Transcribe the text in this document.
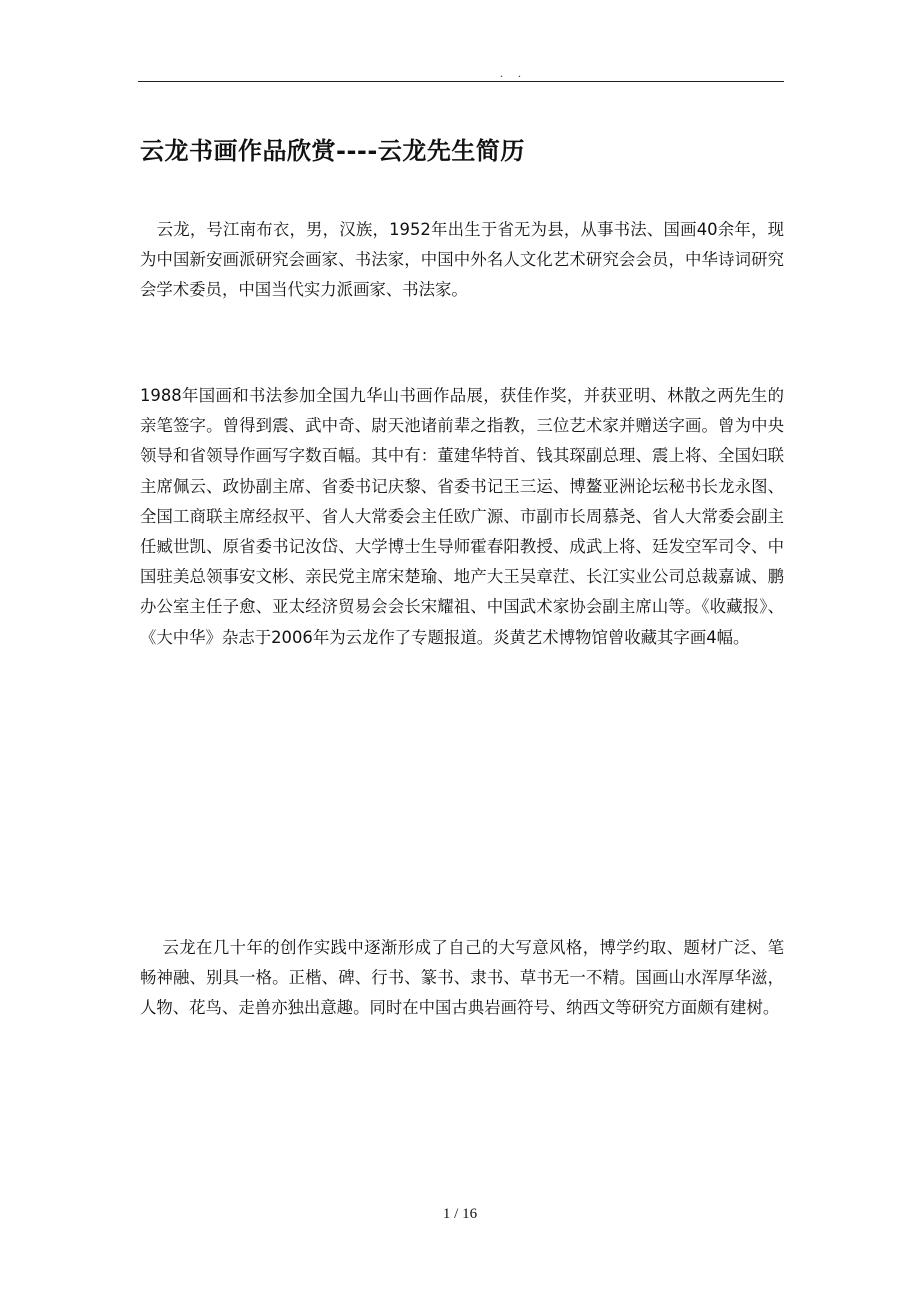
. .
云龙书画作品欣赏----云龙先生简历

　云龙，号江南布衣，男，汉族，1952年出生于省无为县，从事书法、国画40余年，现为中国新安画派研究会画家、书法家，中国中外名人文化艺术研究会会员，中华诗词研究会学术委员，中国当代实力派画家、书法家。

1988年国画和书法参加全国九华山书画作品展，获佳作奖，并获亚明、林散之两先生的亲笔签字。曾得到震、武中奇、尉天池诸前辈之指教，三位艺术家并赠送字画。曾为中央领导和省领导作画写字数百幅。其中有：董建华特首、钱其琛副总理、震上将、全国妇联主席佩云、政协副主席、省委书记庆黎、省委书记王三运、博鳌亚洲论坛秘书长龙永图、全国工商联主席经叔平、省人大常委会主任欧广源、市副市长周慕尧、省人大常委会副主任臧世凯、原省委书记汝岱、大学博士生导师霍春阳教授、成武上将、廷发空军司令、中国驻美总领事安文彬、亲民党主席宋楚瑜、地产大王吴章茳、长江实业公司总裁嘉诚、鹏办公室主任子愈、亚太经济贸易会会长宋耀祖、中国武术家协会副主席山等。《收藏报》、《大中华》杂志于2006年为云龙作了专题报道。炎黄艺术博物馆曾收藏其字画4幅。

　 云龙在几十年的创作实践中逐渐形成了自己的大写意风格，博学约取、题材广泛、笔畅神融、别具一格。正楷、碑、行书、篆书、隶书、草书无一不精。国画山水浑厚华滋，人物、花鸟、走兽亦独出意趣。同时在中国古典岩画符号、纳西文等研究方面颇有建树。

1 / 16
